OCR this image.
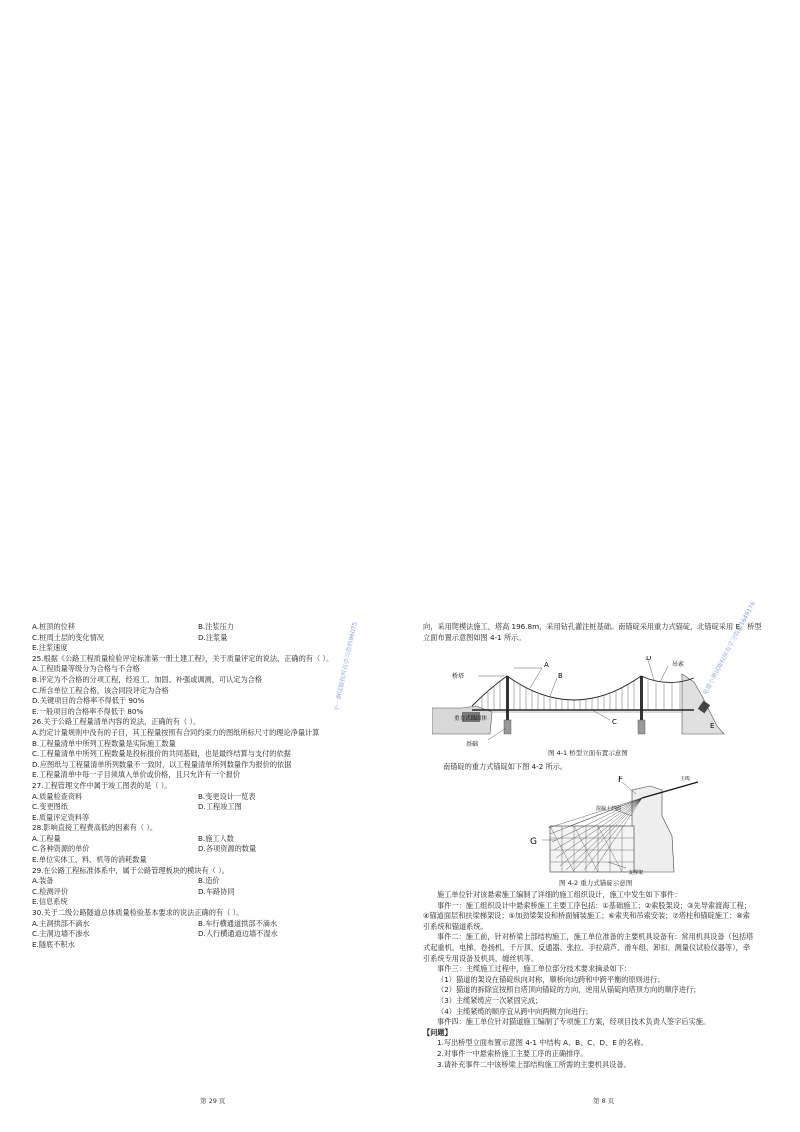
A.桩顶的位移	B.注浆压力
C.桩周土层的变化情况	D.注浆量
E.注浆速度
25.根据《公路工程质量检验评定标准第一册土建工程》，关于质量评定的说法，正确的有（ ）。
A.工程质量等级分为合格与不合格
B.评定为不合格的分项工程，经返工、加固、补强或调测，可认定为合格
C.所含单位工程合格，该合同段评定为合格
D.关键项目的合格率不得低于 90%
E.一般项目的合格率不得低于 80%
26.关于公路工程量清单内容的说法，正确的有（ ）。
A.约定计量规则中没有的子目，其工程量按照有合同约束力的图纸所标尺寸的理论净量计算
B.工程量清单中所列工程数量是实际施工数量
C.工程量清单中所列工程数量是投标报价的共同基础，也是最终结算与支付的依据
D.应图纸与工程量清单所列数量不一致时，以工程量清单所列数量作为报价的依据
E.工程量清单中每一子目须填入单价或价格，且只允许有一个报价
27.工程管理文件中属于竣工图表的是（ ）。
A.质量检查资料	B.变更设计一览表
C.变更图纸	D.工程竣工图
E.质量评定资料等
28.影响直接工程费高低的因素有（ ）。
A.工程量	B.施工人数
C.各种资源的单价	D.各项资源的数量
E.单位实体工、料、机等的消耗数量
29.在公路工程标准体系中，属于公路管理板块的模块有（ ）。
A.装备	B.造价
C.检测评价	D.车路协同
E.信息系统
30.关于二级公路隧道总体质量检验基本要求的说法正确的有（ ）。
A.主洞拱部不滴水	B.车行横通道拱部不滴水
C.主洞边墙不渗水	D.人行横通道边墙不湿水
E.隧底不积水
第 29 页
小一测试版权所有学习资料96075	向，采用爬模法施工，塔高 196.8m，采用钻孔灌注桩基础。南锚碇采用重力式锚碇，北锚碇采用 E。桥型
立面布置示意图如图 4-1 所示。
桥塔
A
B
C
D
吊索
E
重力式锚固体
基础
图 4-1 桥型立面布置示意图
南锚碇的重力式锚碇如下图 4-2 所示。
F
G
主缆
混凝土挡面
支撑架
图 4-2 重力式锚碇示意图
施工单位针对该悬索施工编制了详细的施工组织设计，施工中发生如下事件：
事件一：施工组织设计中悬索桥施工主要工序包括：①基础施工；②索股架设；③先导索渡海工程；
④锚道面层和扶梁梯架设；⑤加劲梁架设和桥面铺装施工；⑥索夹和吊索安装；⑦塔柱和锚碇施工；⑧索
引系统和锚道系统。
事件二：施工前，针对桥梁上部结构施工，施工单位准备的主要机具设备有：常用机具设备（包括塔
式起重机、电梯、卷扬机、千斤顶、反通器、张拉、手拉葫芦、滑车组、卸扣、测量仪试验仪器等），牵
引系统专用设备及机具，缠丝机等。
事件三：主缆施工过程中，施工单位部分技术要求摘录如下：
（1）猫道的架设在锚碇纵向对称，顺桥向边跨和中跨平衡的原则进行；
（2）猫道的拆除宜按照自塔顶向锚碇的方向，逆用从锚碇向塔顶方向的顺序进行；
（3）主缆紧缆应一次紧固完成；
（4）主缆紧缆的顺序宜从跨中向两侧方向进行；
事件四：施工单位针对猫道施工编制了专项施工方案，经项目技术负责人签字后实施。
【问题】
1.写出桥型立面布置示意图 4-1 中结构 A、B、C、D、E 的名称。
2.对事件一中悬索桥施工主要工序的正确排序。
3.请补充事件二中该桥梁上部结构施工所需的主要机具设备。
第 8 页
电建小测试版权所有学习资料3649176
